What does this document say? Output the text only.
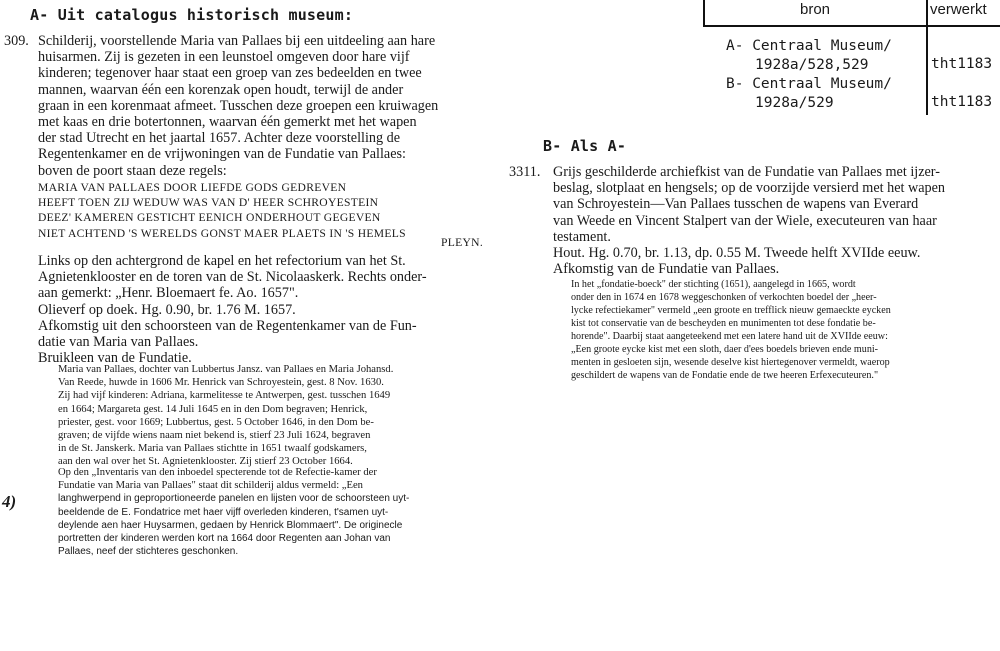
A- Uit catalogus historisch museum:
309. Schilderij, voorstellende Maria van Pallaes bij een uitdeeling aan hare
huisarmen. Zij is gezeten in een leunstoel omgeven door hare vijf
kinderen; tegenover haar staat een groep van zes bedeelden en twee
mannen, waarvan één een korenzak open houdt, terwijl de ander
graan in een korenmaat afmeet. Tusschen deze groepen een kruiwagen
met kaas en drie botertonnen, waarvan één gemerkt met het wapen
der stad Utrecht en het jaartal 1657. Achter deze voorstelling de
Regentenkamer en de vrijwoningen van de Fundatie van Pallaes:
boven de poort staan deze regels:
MARIA VAN PALLAES DOOR LIEFDE GODS GEDREVEN
HEEFT TOEN ZIJ WEDUW WAS VAN D' HEER SCHROYESTEIN
DEEZ' KAMEREN GESTICHT EENICH ONDERHOUT GEGEVEN
NIET ACHTEND 'S WERELDS GONST MAER PLAETS IN 'S HEMELS
PLEYN.
Links op den achtergrond de kapel en het refectorium van het St.
Agnietenklooster en de toren van de St. Nicolaaskerk. Rechts onder-
aan gemerkt: „Henr. Bloemaert fe. Ao. 1657".
Olieverf op doek. Hg. 0.90, br. 1.76 M. 1657.
Afkomstig uit den schoorsteen van de Regentenkamer van de Fun-
datie van Maria van Pallaes.
Bruikleen van de Fundatie.
Maria van Pallaes, dochter van Lubbertus Jansz. van Pallaes en Maria Johansd.
Van Reede, huwde in 1606 Mr. Henrick van Schroyestein, gest. 8 Nov. 1630.
Zij had vijf kinderen: Adriana, karmelitesse te Antwerpen, gest. tusschen 1649
en 1664; Margareta gest. 14 Juli 1645 en in den Dom begraven; Henrick,
priester, gest. voor 1669; Lubbertus, gest. 5 October 1646, in den Dom be-
graven; de vijfde wiens naam niet bekend is, stierf 23 Juli 1624, begraven
in de St. Janskerk. Maria van Pallaes stichtte in 1651 twaalf godskamers,
aan den wal over het St. Agnietenklooster. Zij stierf 23 October 1664.
Op den „Inventaris van den inboedel specterende tot de Refectie-kamer der
Fundatie van Maria van Pallaes" staat dit schilderij aldus vermeld: „Een
langhwerpend in geproportioneerde panelen en lijsten voor de schoorsteen uyt-
beeldende de E. Fondatrice met haer vijff overleden kinderen, t'samen uyt-
deylende aen haer Huysarmen, gedaen by Henrick Blommaert". De originecle
portretten der kinderen werden kort na 1664 door Regenten aan Johan van
Pallaes, neef der stichteres geschonken.
4)
bron	verwerkt
A- Centraal Museum/
1928a/528,529	tht1183
B- Centraal Museum/
1928a/529	tht1183
B- Als A-
3311. Grijs geschilderde archiefkist van de Fundatie van Pallaes met ijzer-
beslag, slotplaat en hengsels; op de voorzijde versierd met het wapen
van Schroyestein—Van Pallaes tusschen de wapens van Everard
van Weede en Vincent Stalpert van der Wiele, executeuren van haar
testament.
Hout. Hg. 0.70, br. 1.13, dp. 0.55 M. Tweede helft XVIIde eeuw.
Afkomstig van de Fundatie van Pallaes.
In het „fondatie-boeck" der stichting (1651), aangelegd in 1665, wordt
onder den in 1674 en 1678 weggeschonken of verkochten boedel der „heer-
lycke refectiekamer" vermeld „een groote en trefflick nieuw gemaeckte eycken
kist tot conservatie van de bescheyden en munimenten tot dese fondatie be-
horende". Daarbij staat aangeteekend met een latere hand uit de XVIIde eeuw:
„Een groote eycke kist met een sloth, daer d'ees boedels brieven ende muni-
menten in gesloeten sijn, wesende deselve kist hiertegenover vermeldt, waerop
geschildert de wapens van de Fondatie ende de twe heeren Erfexecuteuren."
